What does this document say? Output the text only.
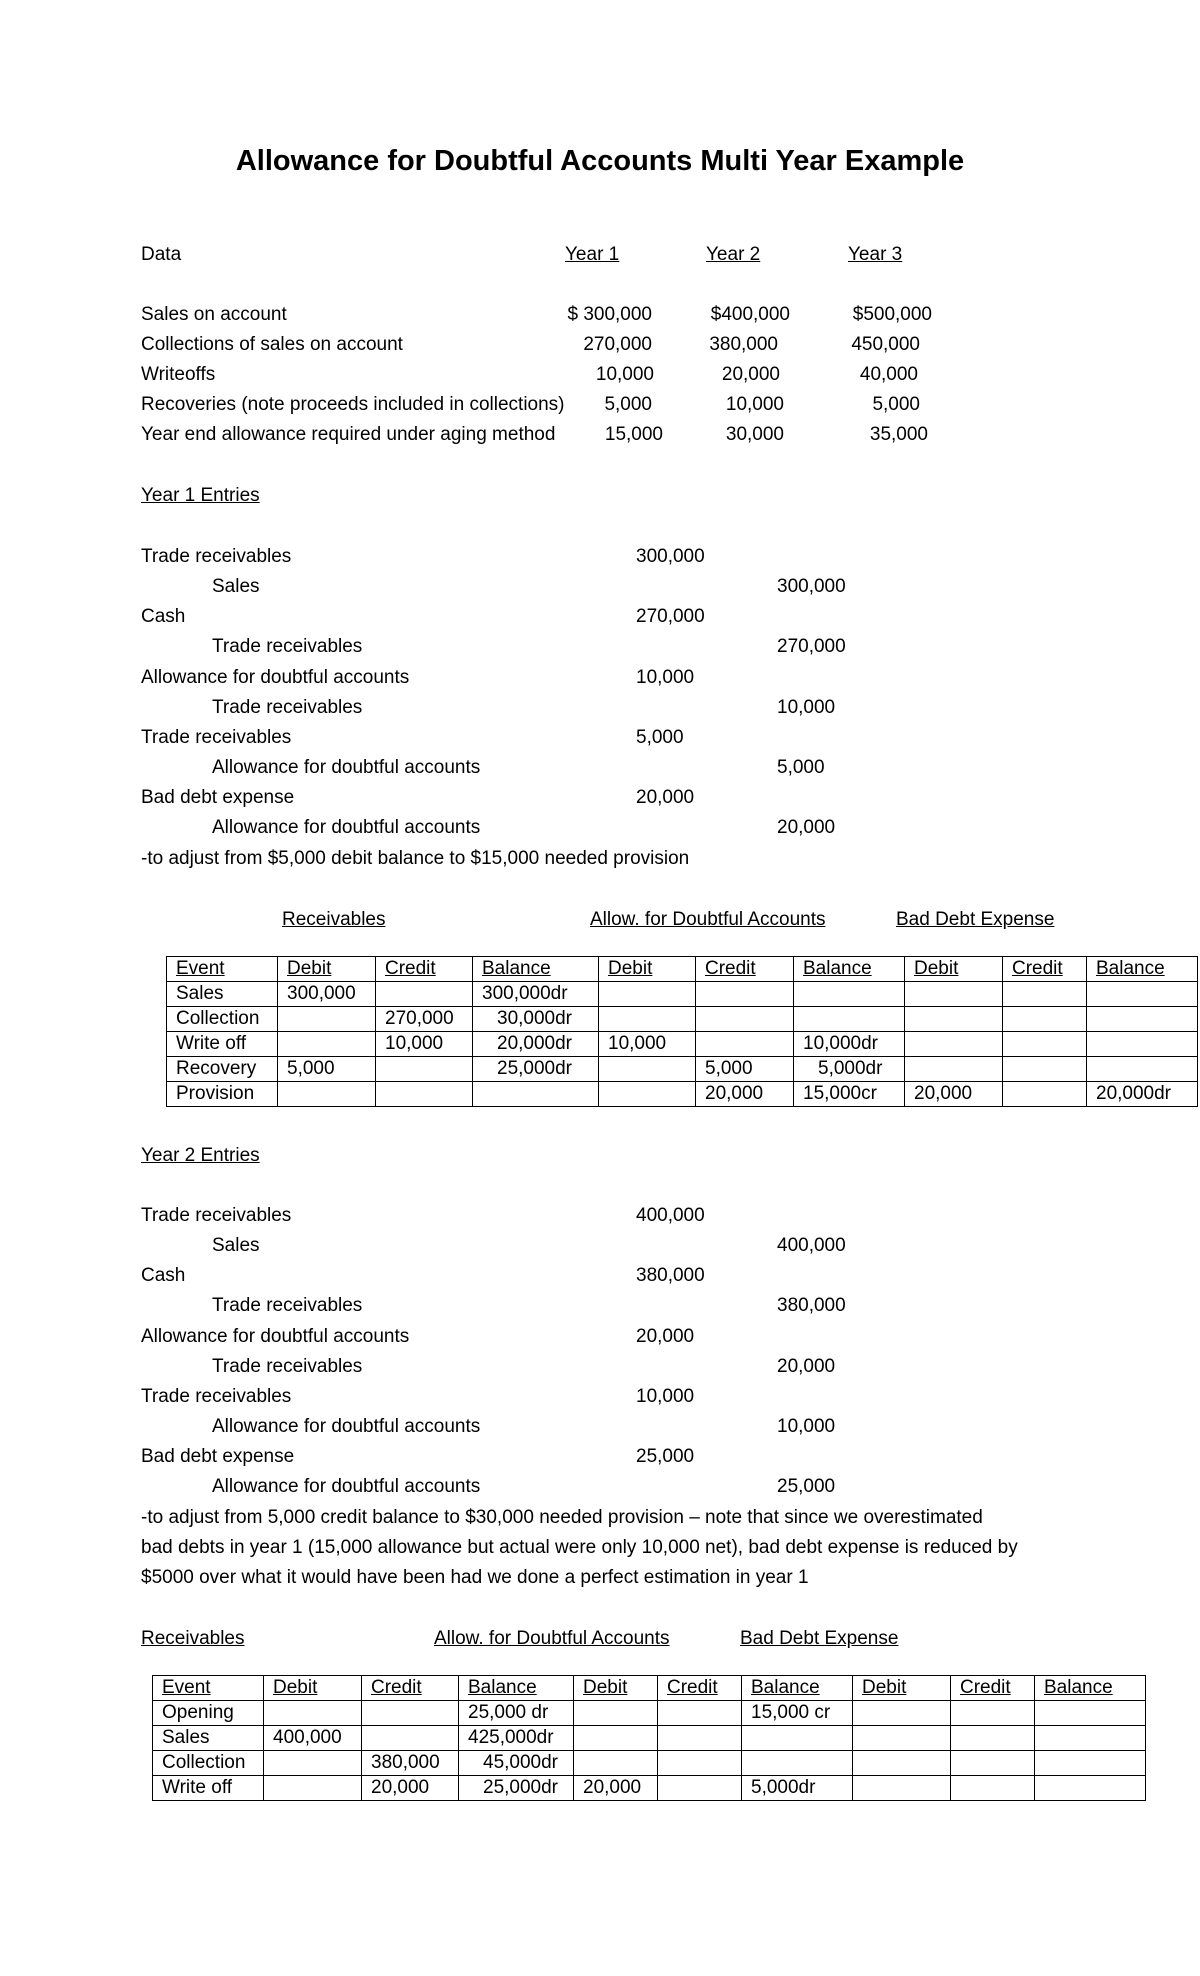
Allowance for Doubtful Accounts Multi Year Example
Data	Year 1	Year 2	Year 3
Sales on account	$ 300,000	$400,000	$500,000
Collections of sales on account	270,000	380,000	450,000
Writeoffs	10,000	20,000	40,000
Recoveries (note proceeds included in collections)	5,000	10,000	5,000
Year end allowance required under aging method	15,000	30,000	35,000
Year 1 Entries
Trade receivables	300,000
Sales	300,000
Cash	270,000
Trade receivables	270,000
Allowance for doubtful accounts	10,000
Trade receivables	10,000
Trade receivables	5,000
Allowance for doubtful accounts	5,000
Bad debt expense	20,000
Allowance for doubtful accounts	20,000
-to adjust from $5,000 debit balance to $15,000 needed provision
Receivables	Allow. for Doubtful Accounts	Bad Debt Expense
Event	Debit	Credit	Balance	Debit	Credit	Balance	Debit	Credit	Balance
Sales	300,000		300,000dr						
Collection		270,000	30,000dr						
Write off		10,000	20,000dr	10,000		10,000dr			
Recovery	5,000		25,000dr		5,000	5,000dr			
Provision					20,000	15,000cr	20,000		20,000dr
Year 2 Entries
Trade receivables	400,000
Sales	400,000
Cash	380,000
Trade receivables	380,000
Allowance for doubtful accounts	20,000
Trade receivables	20,000
Trade receivables	10,000
Allowance for doubtful accounts	10,000
Bad debt expense	25,000
Allowance for doubtful accounts	25,000
-to adjust from 5,000 credit balance to $30,000 needed provision – note that since we overestimated
bad debts in year 1 (15,000 allowance but actual were only 10,000 net), bad debt expense is reduced by
$5000 over what it would have been had we done a perfect estimation in year 1
Receivables	Allow. for Doubtful Accounts	Bad Debt Expense
Event	Debit	Credit	Balance	Debit	Credit	Balance	Debit	Credit	Balance
Opening			25,000 dr			15,000 cr			
Sales	400,000		425,000dr						
Collection		380,000	45,000dr						
Write off		20,000	25,000dr	20,000		5,000dr			
